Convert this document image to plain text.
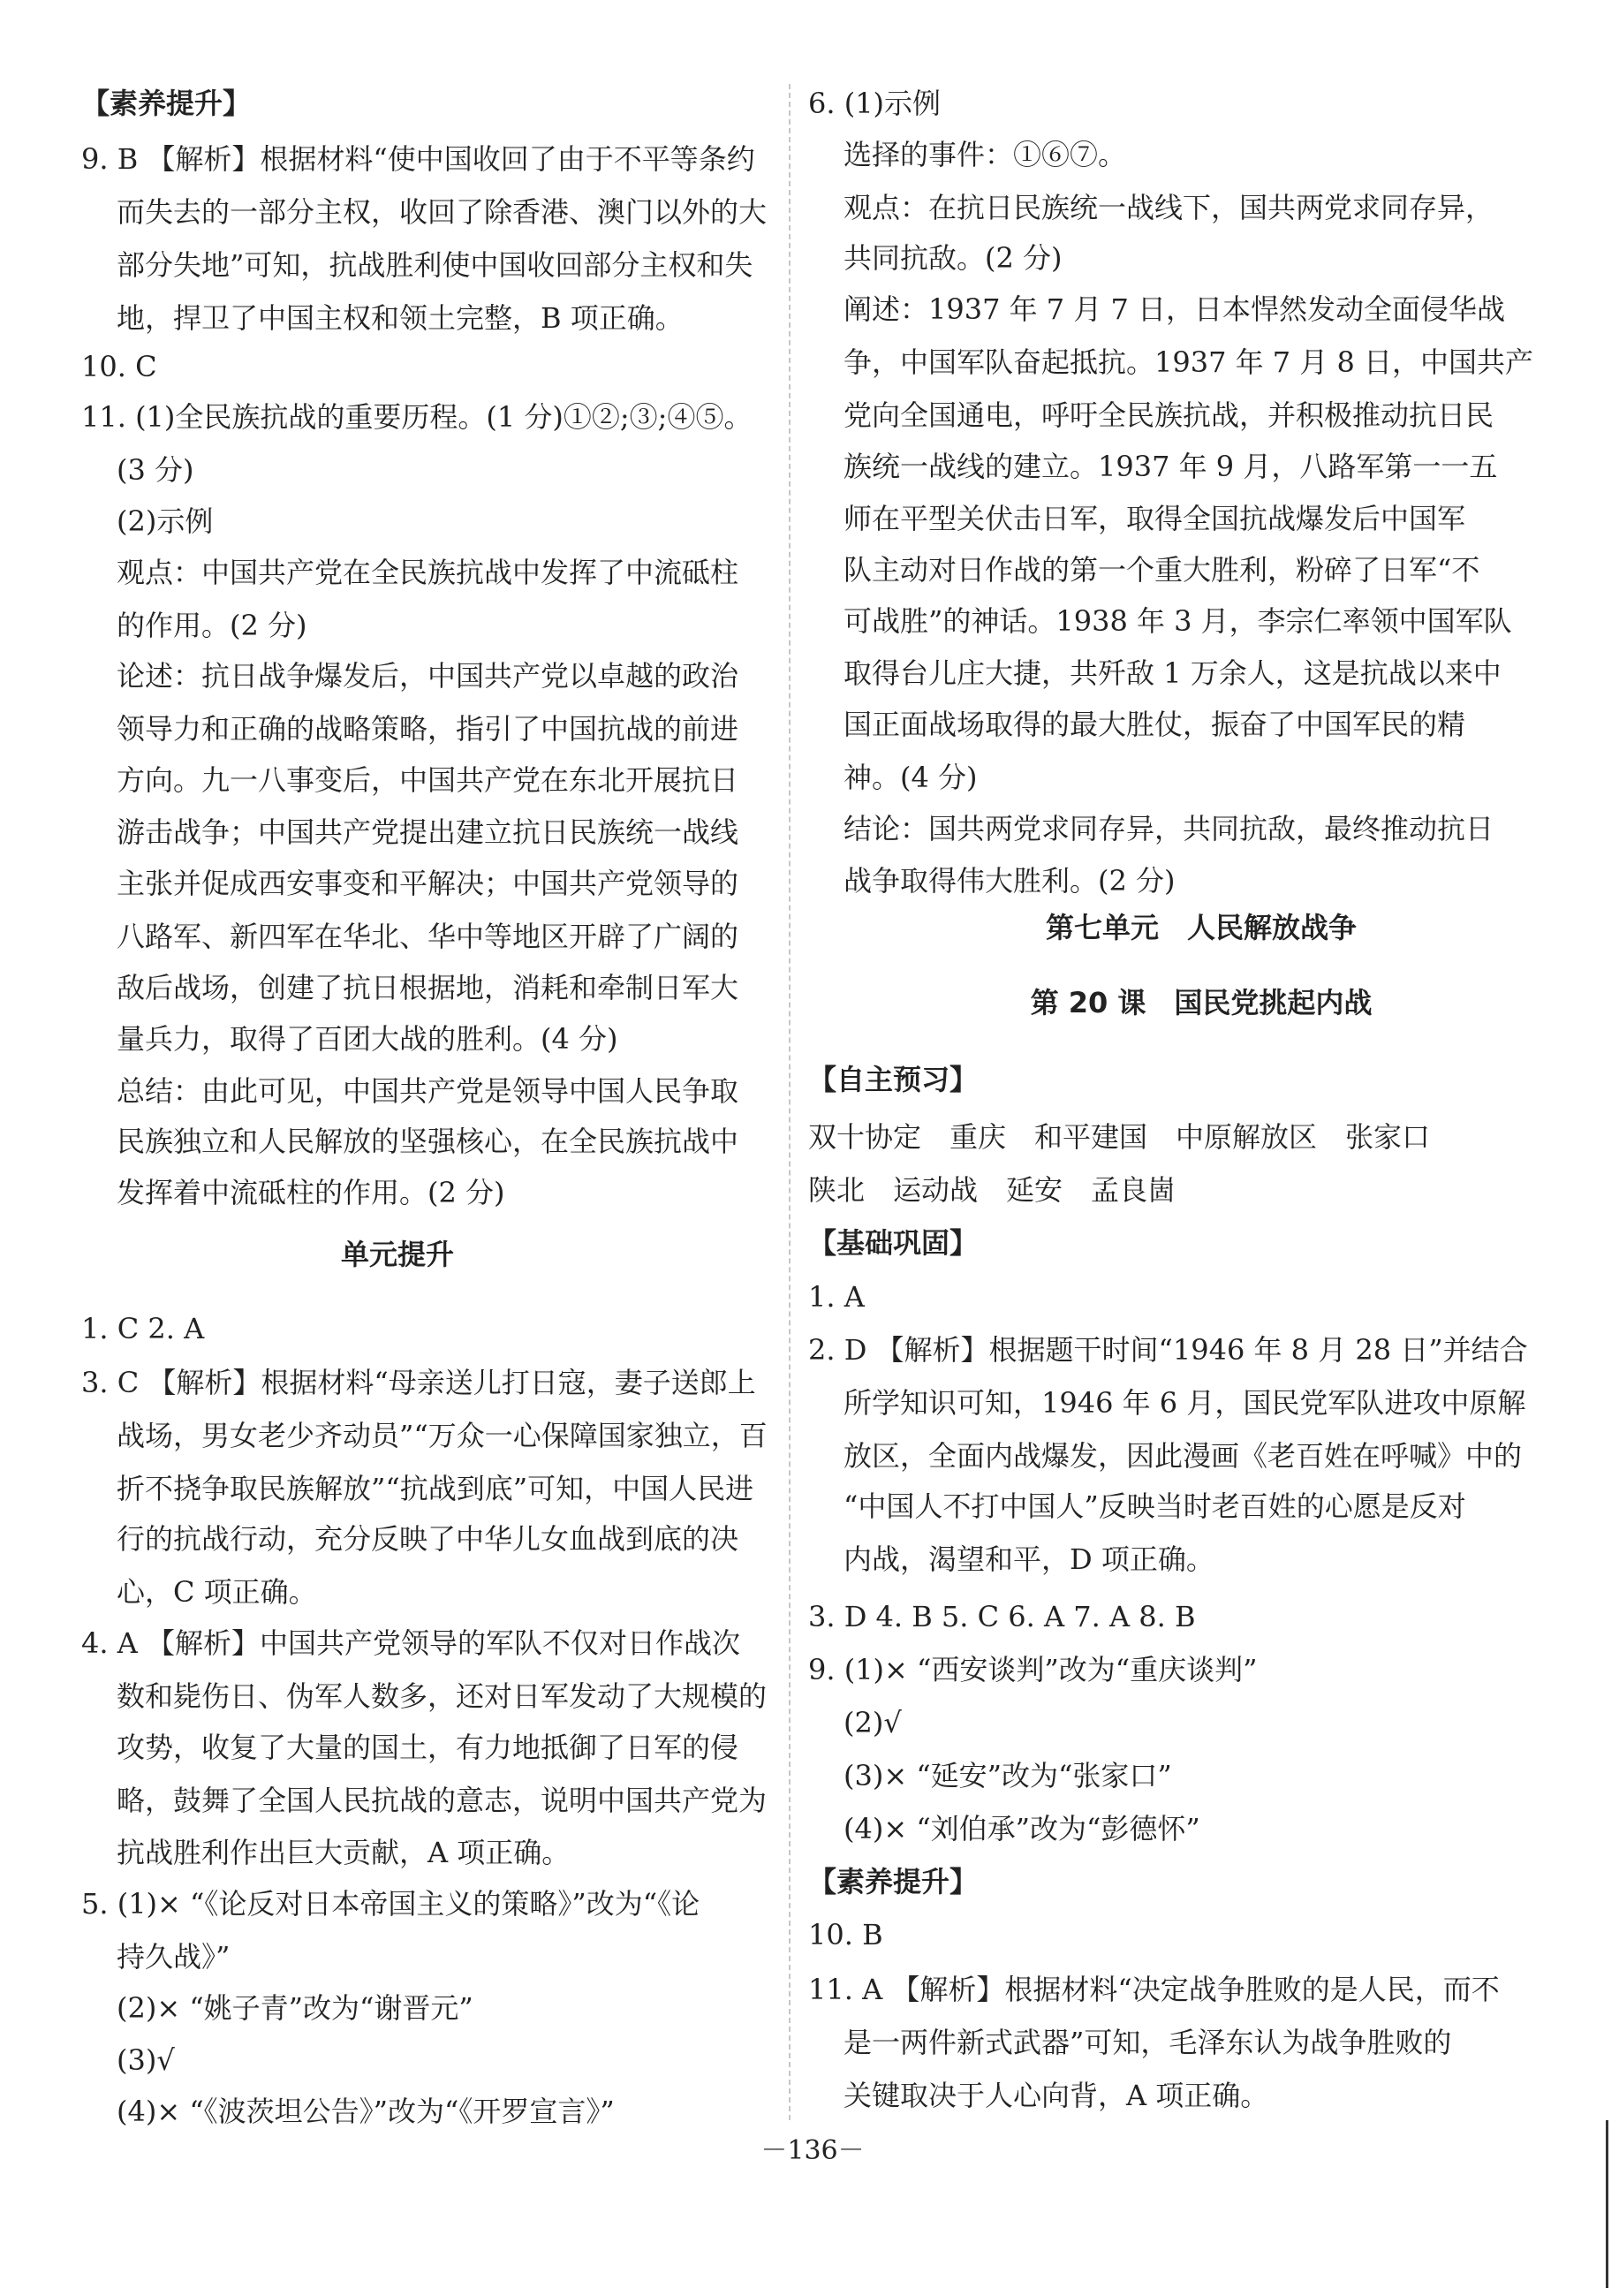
【素养提升】
9. B 【解析】根据材料“使中国收回了由于不平等条约
而失去的一部分主权，收回了除香港、澳门以外的大
部分失地”可知，抗战胜利使中国收回部分主权和失
地，捍卫了中国主权和领土完整，B 项正确。
10. C
11. (1)全民族抗战的重要历程。(1 分)①②;③;④⑤。
(3 分)
(2)示例
观点：中国共产党在全民族抗战中发挥了中流砥柱
的作用。(2 分)
论述：抗日战争爆发后，中国共产党以卓越的政治
领导力和正确的战略策略，指引了中国抗战的前进
方向。九一八事变后，中国共产党在东北开展抗日
游击战争；中国共产党提出建立抗日民族统一战线
主张并促成西安事变和平解决；中国共产党领导的
八路军、新四军在华北、华中等地区开辟了广阔的
敌后战场，创建了抗日根据地，消耗和牵制日军大
量兵力，取得了百团大战的胜利。(4 分)
总结：由此可见，中国共产党是领导中国人民争取
民族独立和人民解放的坚强核心，在全民族抗战中
发挥着中流砥柱的作用。(2 分)
单元提升
1. C 2. A
3. C 【解析】根据材料“母亲送儿打日寇，妻子送郎上
战场，男女老少齐动员”“万众一心保障国家独立，百
折不挠争取民族解放”“抗战到底”可知，中国人民进
行的抗战行动，充分反映了中华儿女血战到底的决
心，C 项正确。
4. A 【解析】中国共产党领导的军队不仅对日作战次
数和毙伤日、伪军人数多，还对日军发动了大规模的
攻势，收复了大量的国土，有力地抵御了日军的侵
略，鼓舞了全国人民抗战的意志，说明中国共产党为
抗战胜利作出巨大贡献，A 项正确。
5. (1)× “《论反对日本帝国主义的策略》”改为“《论
持久战》”
(2)× “姚子青”改为“谢晋元”
(3)√
(4)× “《波茨坦公告》”改为“《开罗宣言》”
6. (1)示例
选择的事件：①⑥⑦。
观点：在抗日民族统一战线下，国共两党求同存异，
共同抗敌。(2 分)
阐述：1937 年 7 月 7 日，日本悍然发动全面侵华战
争，中国军队奋起抵抗。1937 年 7 月 8 日，中国共产
党向全国通电，呼吁全民族抗战，并积极推动抗日民
族统一战线的建立。1937 年 9 月，八路军第一一五
师在平型关伏击日军，取得全国抗战爆发后中国军
队主动对日作战的第一个重大胜利，粉碎了日军“不
可战胜”的神话。1938 年 3 月，李宗仁率领中国军队
取得台儿庄大捷，共歼敌 1 万余人，这是抗战以来中
国正面战场取得的最大胜仗，振奋了中国军民的精
神。(4 分)
结论：国共两党求同存异，共同抗敌，最终推动抗日
战争取得伟大胜利。(2 分)
第七单元　人民解放战争
第 20 课　国民党挑起内战
【自主预习】
双十协定　重庆　和平建国　中原解放区　张家口
陕北　运动战　延安　孟良崮
【基础巩固】
1. A
2. D 【解析】根据题干时间“1946 年 8 月 28 日”并结合
所学知识可知，1946 年 6 月，国民党军队进攻中原解
放区，全面内战爆发，因此漫画《老百姓在呼喊》中的
“中国人不打中国人”反映当时老百姓的心愿是反对
内战，渴望和平，D 项正确。
3. D 4. B 5. C 6. A 7. A 8. B
9. (1)× “西安谈判”改为“重庆谈判”
(2)√
(3)× “延安”改为“张家口”
(4)× “刘伯承”改为“彭德怀”
【素养提升】
10. B
11. A 【解析】根据材料“决定战争胜败的是人民，而不
是一两件新式武器”可知，毛泽东认为战争胜败的
关键取决于人心向背，A 项正确。
－136－
